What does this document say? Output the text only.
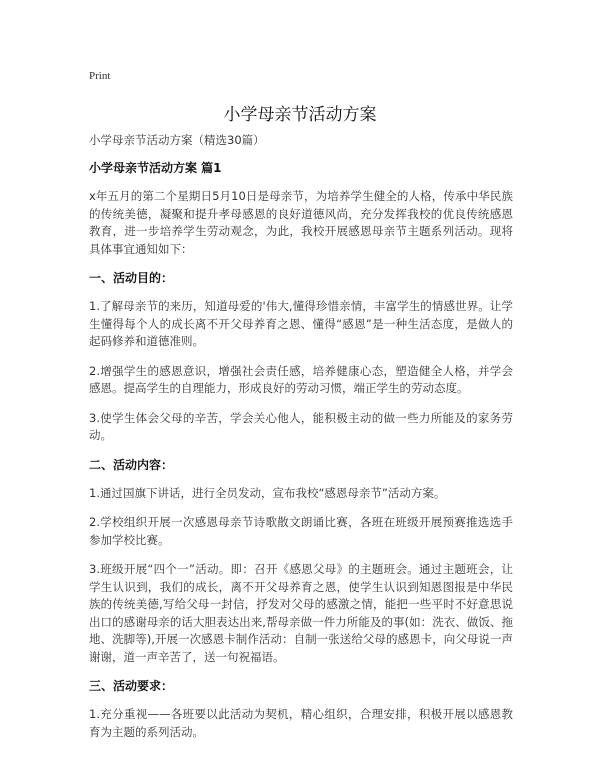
Print
小学母亲节活动方案
小学母亲节活动方案（精选30篇）
小学母亲节活动方案 篇1
x年五月的第二个星期日5月10日是母亲节，为培养学生健全的人格，传承中华民族的传统美德，凝聚和提升孝母感恩的良好道德风尚，充分发挥我校的优良传统感恩教育，进一步培养学生劳动观念，为此，我校开展感恩母亲节主题系列活动。现将具体事宜通知如下：
一、活动目的：
1.了解母亲节的来历，知道母爱的'伟大,懂得珍惜亲情，丰富学生的情感世界。让学生懂得每个人的成长离不开父母养育之恩、懂得“感恩”是一种生活态度，是做人的起码修养和道德准则。
2.增强学生的感恩意识，增强社会责任感，培养健康心态，塑造健全人格，并学会感恩。提高学生的自理能力，形成良好的劳动习惯，端正学生的劳动态度。
3.使学生体会父母的辛苦，学会关心他人，能积极主动的做一些力所能及的家务劳动。
二、活动内容：
1.通过国旗下讲话，进行全员发动，宣布我校“感恩母亲节”活动方案。
2.学校组织开展一次感恩母亲节诗歌散文朗诵比赛，各班在班级开展预赛推选选手参加学校比赛。
3.班级开展“四个一”活动。即：召开《感恩父母》的主题班会。通过主题班会，让学生认识到，我们的成长，离不开父母养育之恩，使学生认识到知恩图报是中华民族的传统美德,写给父母一封信，抒发对父母的感激之情，能把一些平时不好意思说出口的感谢母亲的话大胆表达出来,帮母亲做一件力所能及的事(如：洗衣、做饭、拖地、洗脚等),开展一次感恩卡制作活动：自制一张送给父母的感恩卡，向父母说一声谢谢，道一声辛苦了，送一句祝福语。
三、活动要求：
1.充分重视——各班要以此活动为契机，精心组织，合理安排，积极开展以感恩教育为主题的系列活动。
